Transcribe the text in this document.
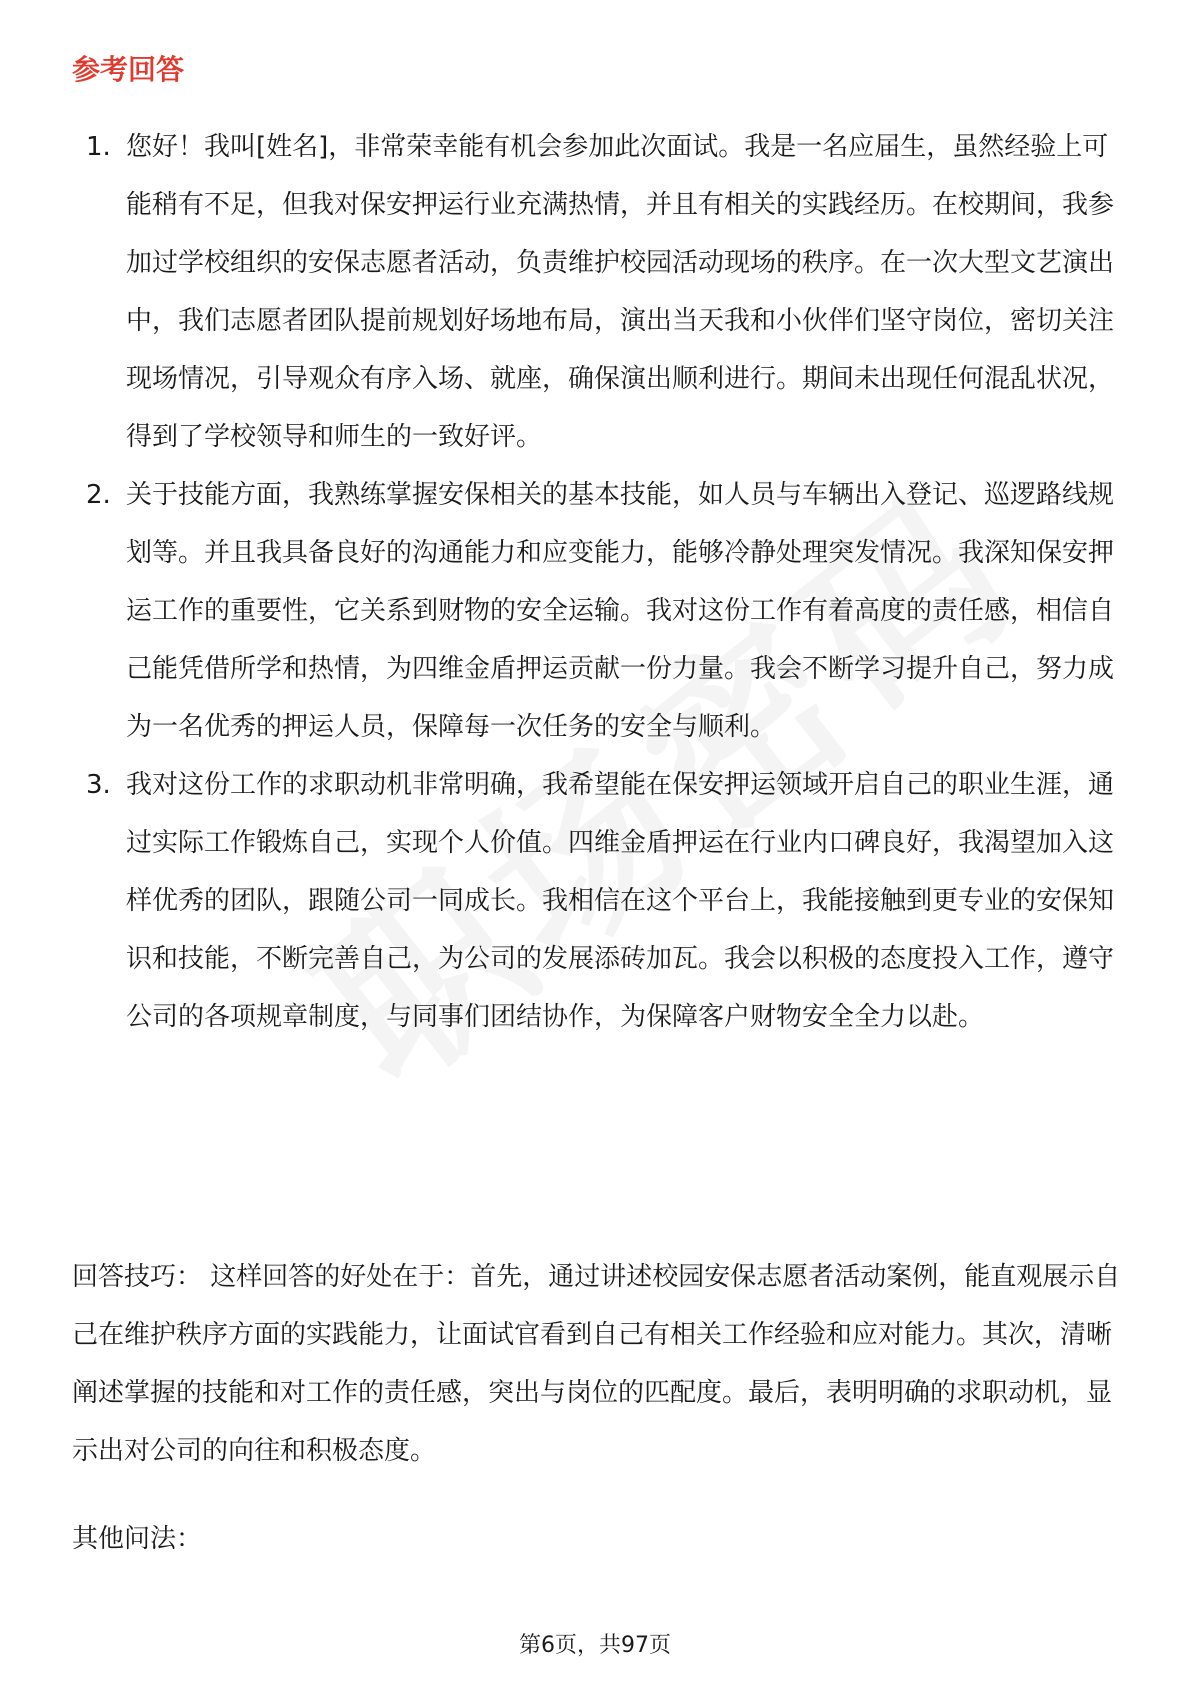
参考回答
1. 您好！我叫[姓名]，非常荣幸能有机会参加此次面试。我是一名应届生，虽然经验上可能稍有不足，但我对保安押运行业充满热情，并且有相关的实践经历。在校期间，我参加过学校组织的安保志愿者活动，负责维护校园活动现场的秩序。在一次大型文艺演出中，我们志愿者团队提前规划好场地布局，演出当天我和小伙伴们坚守岗位，密切关注现场情况，引导观众有序入场、就座，确保演出顺利进行。期间未出现任何混乱状况，得到了学校领导和师生的一致好评。
2. 关于技能方面，我熟练掌握安保相关的基本技能，如人员与车辆出入登记、巡逻路线规划等。并且我具备良好的沟通能力和应变能力，能够冷静处理突发情况。我深知保安押运工作的重要性，它关系到财物的安全运输。我对这份工作有着高度的责任感，相信自己能凭借所学和热情，为四维金盾押运贡献一份力量。我会不断学习提升自己，努力成为一名优秀的押运人员，保障每一次任务的安全与顺利。
3. 我对这份工作的求职动机非常明确，我希望能在保安押运领域开启自己的职业生涯，通过实际工作锻炼自己，实现个人价值。四维金盾押运在行业内口碑良好，我渴望加入这样优秀的团队，跟随公司一同成长。我相信在这个平台上，我能接触到更专业的安保知识和技能，不断完善自己，为公司的发展添砖加瓦。我会以积极的态度投入工作，遵守公司的各项规章制度，与同事们团结协作，为保障客户财物安全全力以赴。

回答技巧： 这样回答的好处在于：首先，通过讲述校园安保志愿者活动案例，能直观展示自己在维护秩序方面的实践能力，让面试官看到自己有相关工作经验和应对能力。其次，清晰阐述掌握的技能和对工作的责任感，突出与岗位的匹配度。最后，表明明确的求职动机，显示出对公司的向往和积极态度。

其他问法：

第6页，共97页
